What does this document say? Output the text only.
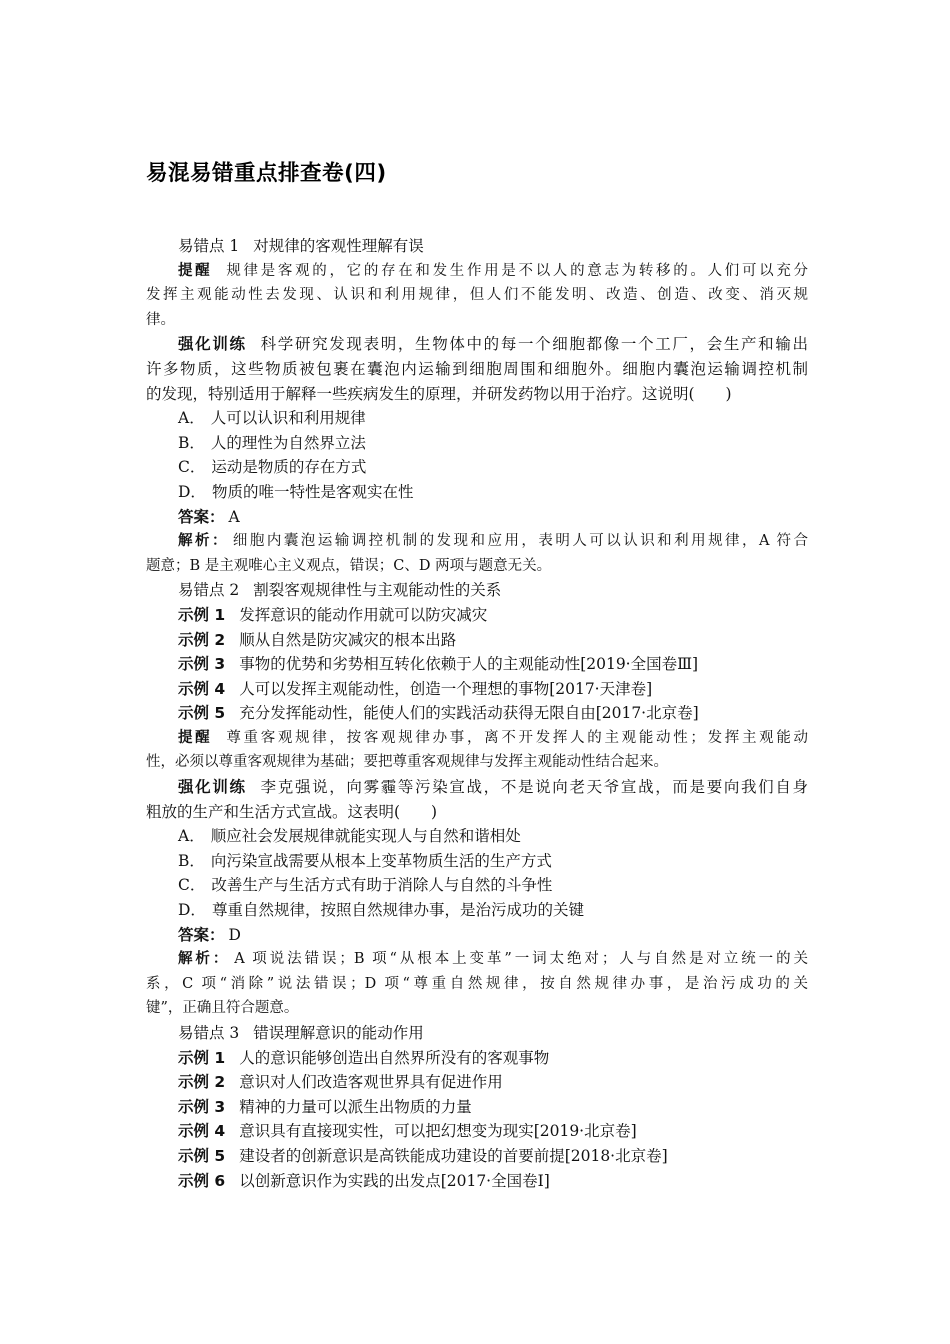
易混易错重点排查卷(四)
易错点 1 对规律的客观性理解有误
提醒 规律是客观的，它的存在和发生作用是不以人的意志为转移的。人们可以充分
发挥主观能动性去发现、认识和利用规律，但人们不能发明、改造、创造、改变、消灭规
律。
强化训练 科学研究发现表明，生物体中的每一个细胞都像一个工厂，会生产和输出
许多物质，这些物质被包裹在囊泡内运输到细胞周围和细胞外。细胞内囊泡运输调控机制
的发现，特别适用于解释一些疾病发生的原理，并研发药物以用于治疗。这说明(　　)
A． 人可以认识和利用规律
B． 人的理性为自然界立法
C． 运动是物质的存在方式
D． 物质的唯一特性是客观实在性
答案： A
解析： 细胞内囊泡运输调控机制的发现和应用，表明人可以认识和利用规律，A 符合
题意；B 是主观唯心主义观点，错误；C、D 两项与题意无关。
易错点 2 割裂客观规律性与主观能动性的关系
示例 1 发挥意识的能动作用就可以防灾减灾
示例 2 顺从自然是防灾减灾的根本出路
示例 3 事物的优势和劣势相互转化依赖于人的主观能动性[2019·全国卷Ⅲ]
示例 4 人可以发挥主观能动性，创造一个理想的事物[2017·天津卷]
示例 5 充分发挥能动性，能使人们的实践活动获得无限自由[2017·北京卷]
提醒 尊重客观规律，按客观规律办事，离不开发挥人的主观能动性；发挥主观能动
性，必须以尊重客观规律为基础；要把尊重客观规律与发挥主观能动性结合起来。
强化训练 李克强说，向雾霾等污染宣战，不是说向老天爷宣战，而是要向我们自身
粗放的生产和生活方式宣战。这表明(　　)
A． 顺应社会发展规律就能实现人与自然和谐相处
B． 向污染宣战需要从根本上变革物质生活的生产方式
C． 改善生产与生活方式有助于消除人与自然的斗争性
D． 尊重自然规律，按照自然规律办事，是治污成功的关键
答案： D
解析： A 项说法错误；B 项“从根本上变革”一词太绝对；人与自然是对立统一的关
系，C 项“消除”说法错误；D 项“尊重自然规律，按自然规律办事，是治污成功的关
键”，正确且符合题意。
易错点 3 错误理解意识的能动作用
示例 1 人的意识能够创造出自然界所没有的客观事物
示例 2 意识对人们改造客观世界具有促进作用
示例 3 精神的力量可以派生出物质的力量
示例 4 意识具有直接现实性，可以把幻想变为现实[2019·北京卷]
示例 5 建设者的创新意识是高铁能成功建设的首要前提[2018·北京卷]
示例 6 以创新意识作为实践的出发点[2017·全国卷Ⅰ]
